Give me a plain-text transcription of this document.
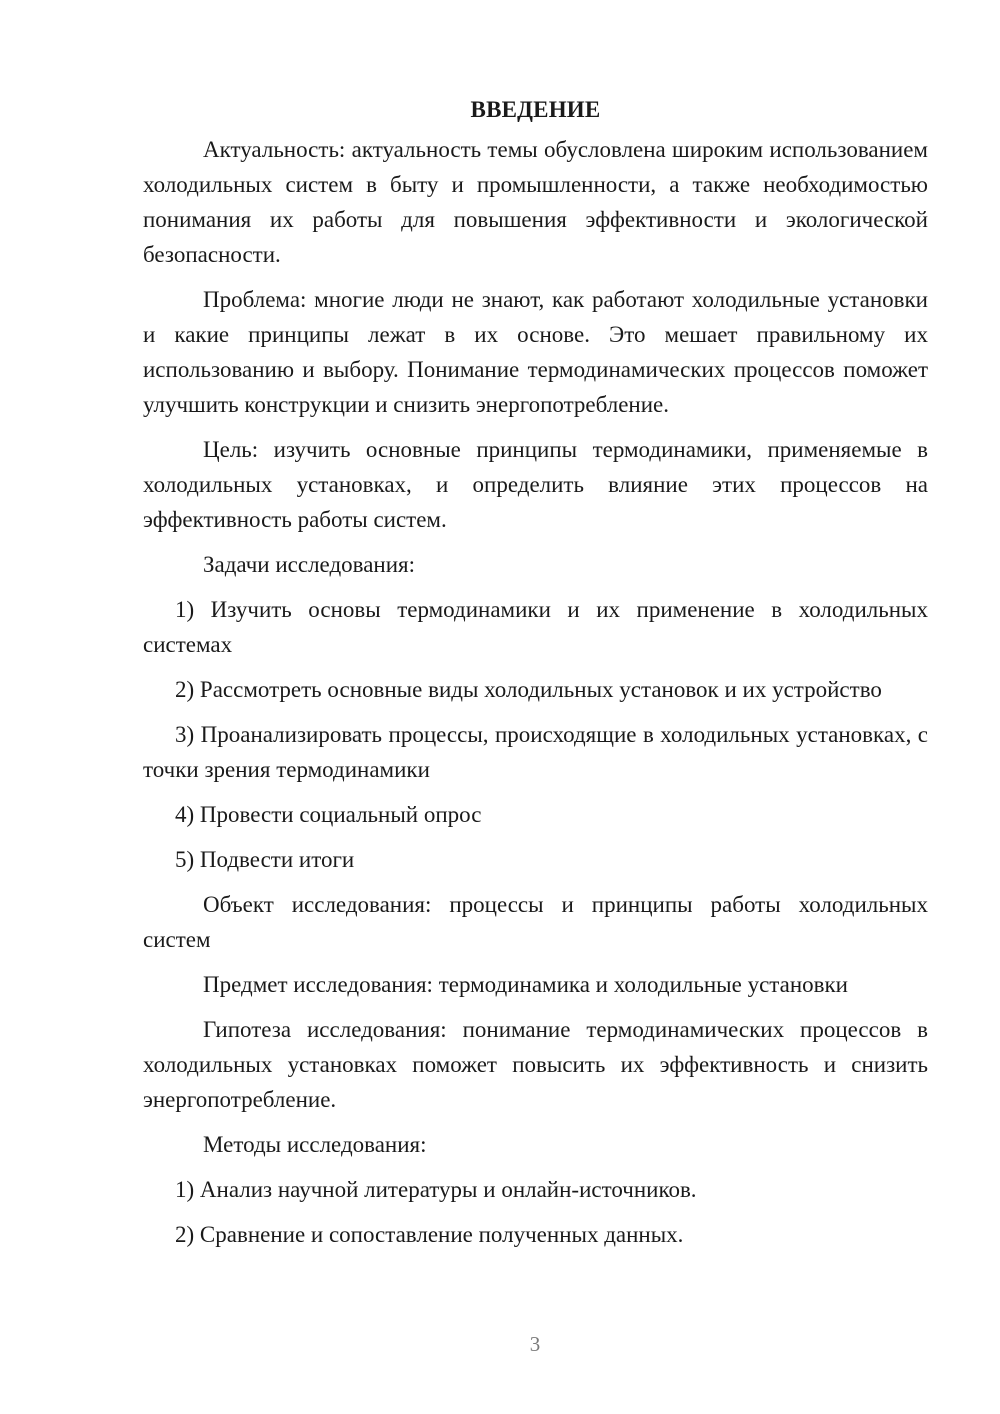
ВВЕДЕНИЕ

Актуальность: актуальность темы обусловлена широким использованием холодильных систем в быту и промышленности, а также необходимостью понимания их работы для повышения эффективности и экологической безопасности.

Проблема: многие люди не знают, как работают холодильные установки и какие принципы лежат в их основе. Это мешает правильному их использованию и выбору. Понимание термодинамических процессов поможет улучшить конструкции и снизить энергопотребление.

Цель: изучить основные принципы термодинамики, применяемые в холодильных установках, и определить влияние этих процессов на эффективность работы систем.

Задачи исследования:

1) Изучить основы термодинамики и их применение в холодильных системах

2) Рассмотреть основные виды холодильных установок и их устройство

3) Проанализировать процессы, происходящие в холодильных установках, с точки зрения термодинамики

4) Провести социальный опрос

5) Подвести итоги

Объект исследования: процессы и принципы работы холодильных систем

Предмет исследования: термодинамика и холодильные установки

Гипотеза исследования: понимание термодинамических процессов в холодильных установках поможет повысить их эффективность и снизить энергопотребление.

Методы исследования:

1) Анализ научной литературы и онлайн-источников.

2) Сравнение и сопоставление полученных данных.

3
